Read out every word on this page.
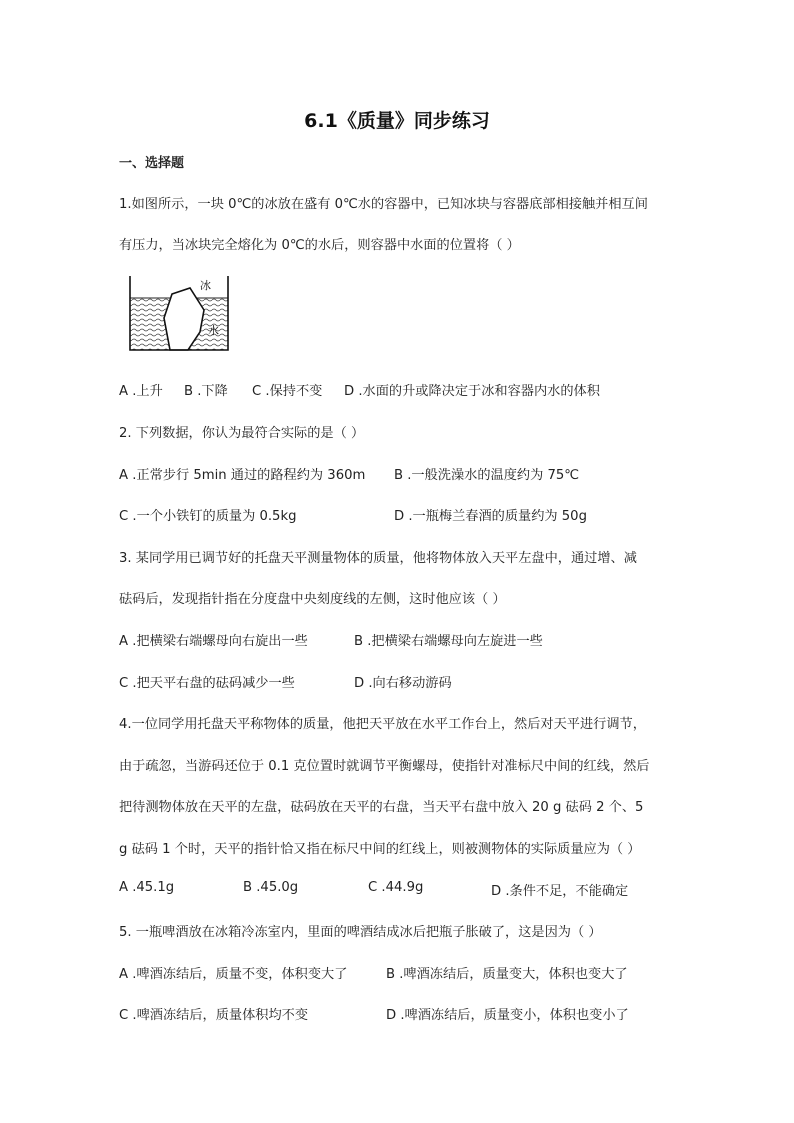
6.1《质量》同步练习
一、选择题
1.如图所示，一块 0℃的冰放在盛有 0℃水的容器中，已知冰块与容器底部相接触并相互间
有压力，当冰块完全熔化为 0℃的水后，则容器中水面的位置将（ ）
冰
水
A .上升 B .下降 C .保持不变 D .水面的升或降决定于冰和容器内水的体积
2. 下列数据，你认为最符合实际的是（ ）
A .正常步行 5min 通过的路程约为 360m B .一般洗澡水的温度约为 75℃
C .一个小铁钉的质量为 0.5kg	D .一瓶梅兰春酒的质量约为 50g
3. 某同学用已调节好的托盘天平测量物体的质量，他将物体放入天平左盘中，通过增、减
砝码后，发现指针指在分度盘中央刻度线的左侧，这时他应该（ ）
A .把横梁右端螺母向右旋出一些	B .把横梁右端螺母向左旋进一些
C .把天平右盘的砝码减少一些	D .向右移动游码
4.一位同学用托盘天平称物体的质量，他把天平放在水平工作台上，然后对天平进行调节，
由于疏忽，当游码还位于 0.1 克位置时就调节平衡螺母，使指针对准标尺中间的红线，然后
把待测物体放在天平的左盘，砝码放在天平的右盘，当天平右盘中放入 20 g 砝码 2 个、5
g 砝码 1 个时，天平的指针恰又指在标尺中间的红线上，则被测物体的实际质量应为（ ）
A .45.1g	B .45.0g	C .44.9g	D .条件不足，不能确定
5. 一瓶啤酒放在冰箱冷冻室内，里面的啤酒结成冰后把瓶子胀破了，这是因为（ ）
A .啤酒冻结后，质量不变，体积变大了	B .啤酒冻结后，质量变大，体积也变大了
C .啤酒冻结后，质量体积均不变	D .啤酒冻结后，质量变小，体积也变小了
